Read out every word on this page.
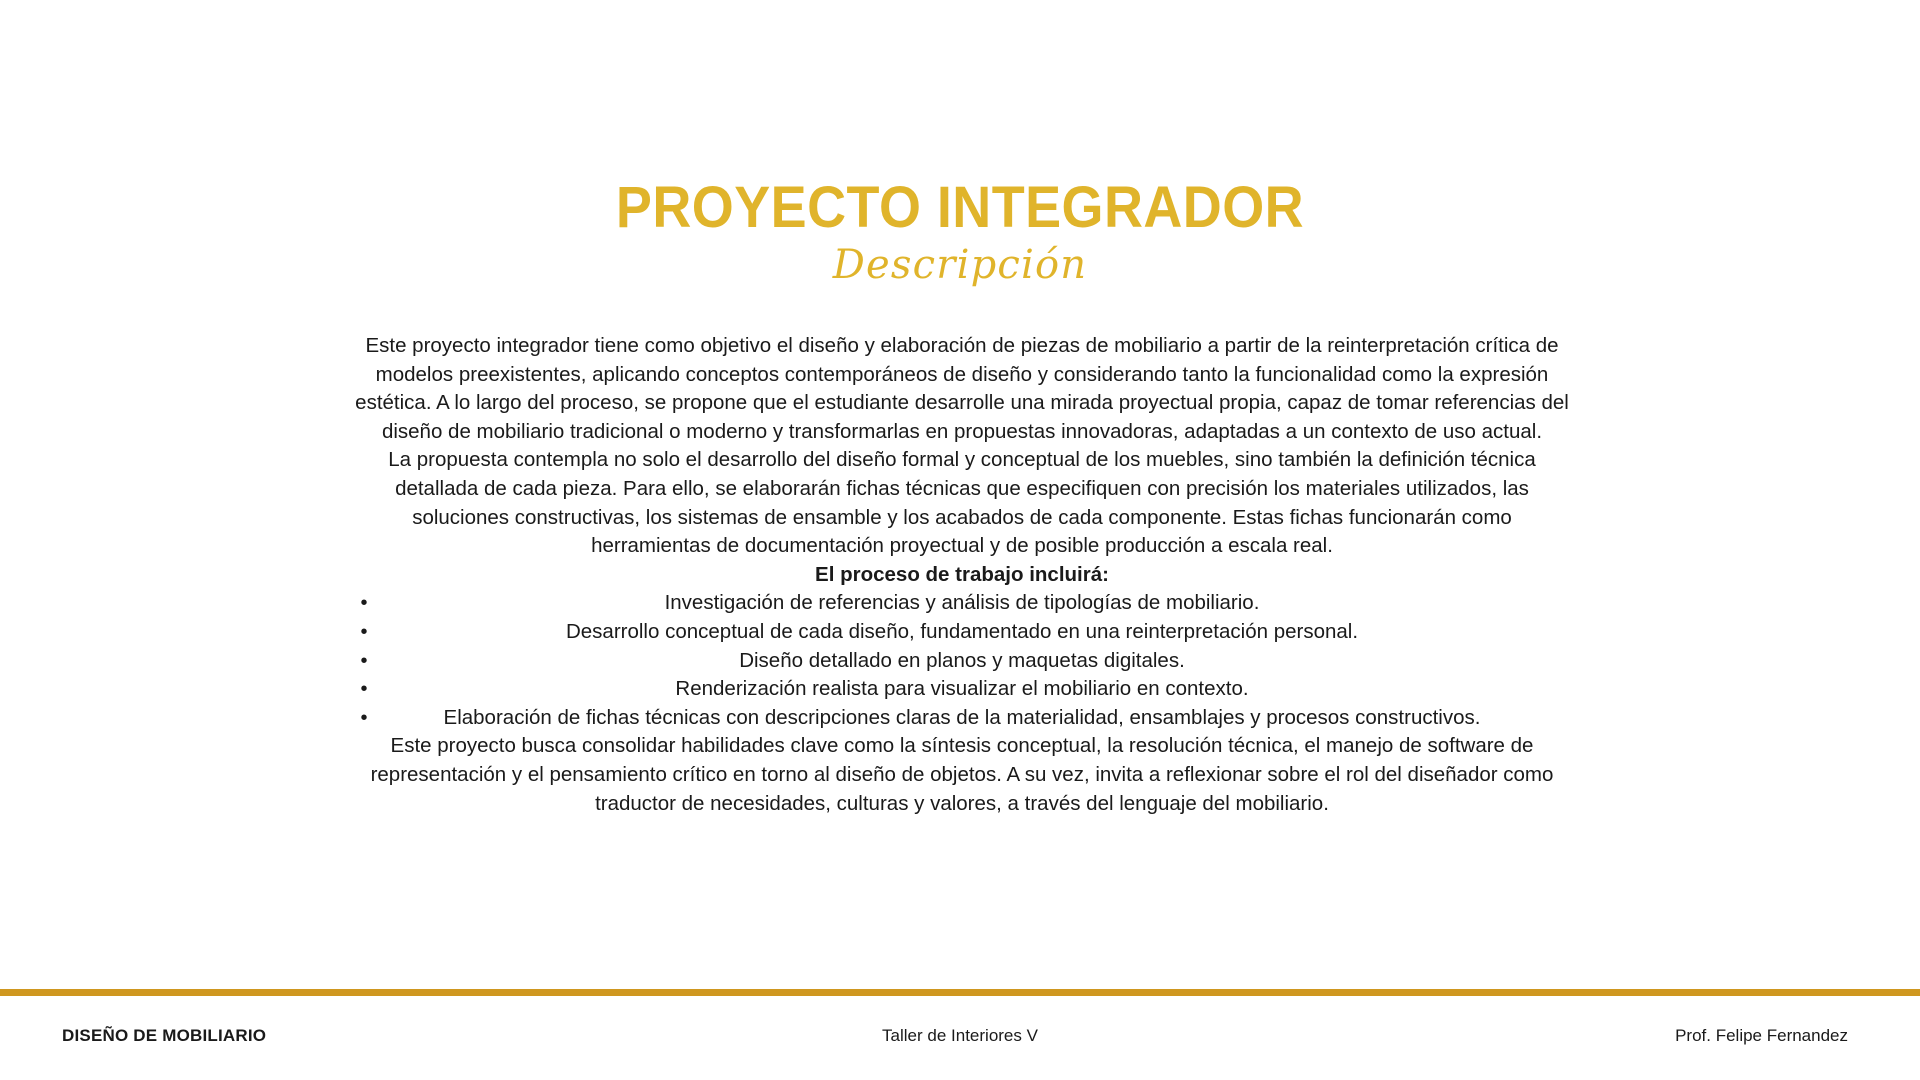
PROYECTO INTEGRADOR
Descripción

Este proyecto integrador tiene como objetivo el diseño y elaboración de piezas de mobiliario a partir de la reinterpretación crítica de modelos preexistentes, aplicando conceptos contemporáneos de diseño y considerando tanto la funcionalidad como la expresión estética. A lo largo del proceso, se propone que el estudiante desarrolle una mirada proyectual propia, capaz de tomar referencias del diseño de mobiliario tradicional o moderno y transformarlas en propuestas innovadoras, adaptadas a un contexto de uso actual.

La propuesta contempla no solo el desarrollo del diseño formal y conceptual de los muebles, sino también la definición técnica detallada de cada pieza. Para ello, se elaborarán fichas técnicas que especifiquen con precisión los materiales utilizados, las soluciones constructivas, los sistemas de ensamble y los acabados de cada componente. Estas fichas funcionarán como herramientas de documentación proyectual y de posible producción a escala real.

El proceso de trabajo incluirá:

•	Investigación de referencias y análisis de tipologías de mobiliario.
•	Desarrollo conceptual de cada diseño, fundamentado en una reinterpretación personal.
•	Diseño detallado en planos y maquetas digitales.
•	Renderización realista para visualizar el mobiliario en contexto.
•	Elaboración de fichas técnicas con descripciones claras de la materialidad, ensamblajes y procesos constructivos.

Este proyecto busca consolidar habilidades clave como la síntesis conceptual, la resolución técnica, el manejo de software de representación y el pensamiento crítico en torno al diseño de objetos. A su vez, invita a reflexionar sobre el rol del diseñador como traductor de necesidades, culturas y valores, a través del lenguaje del mobiliario.

DISEÑO DE MOBILIARIO	Taller de Interiores V	Prof. Felipe Fernandez
